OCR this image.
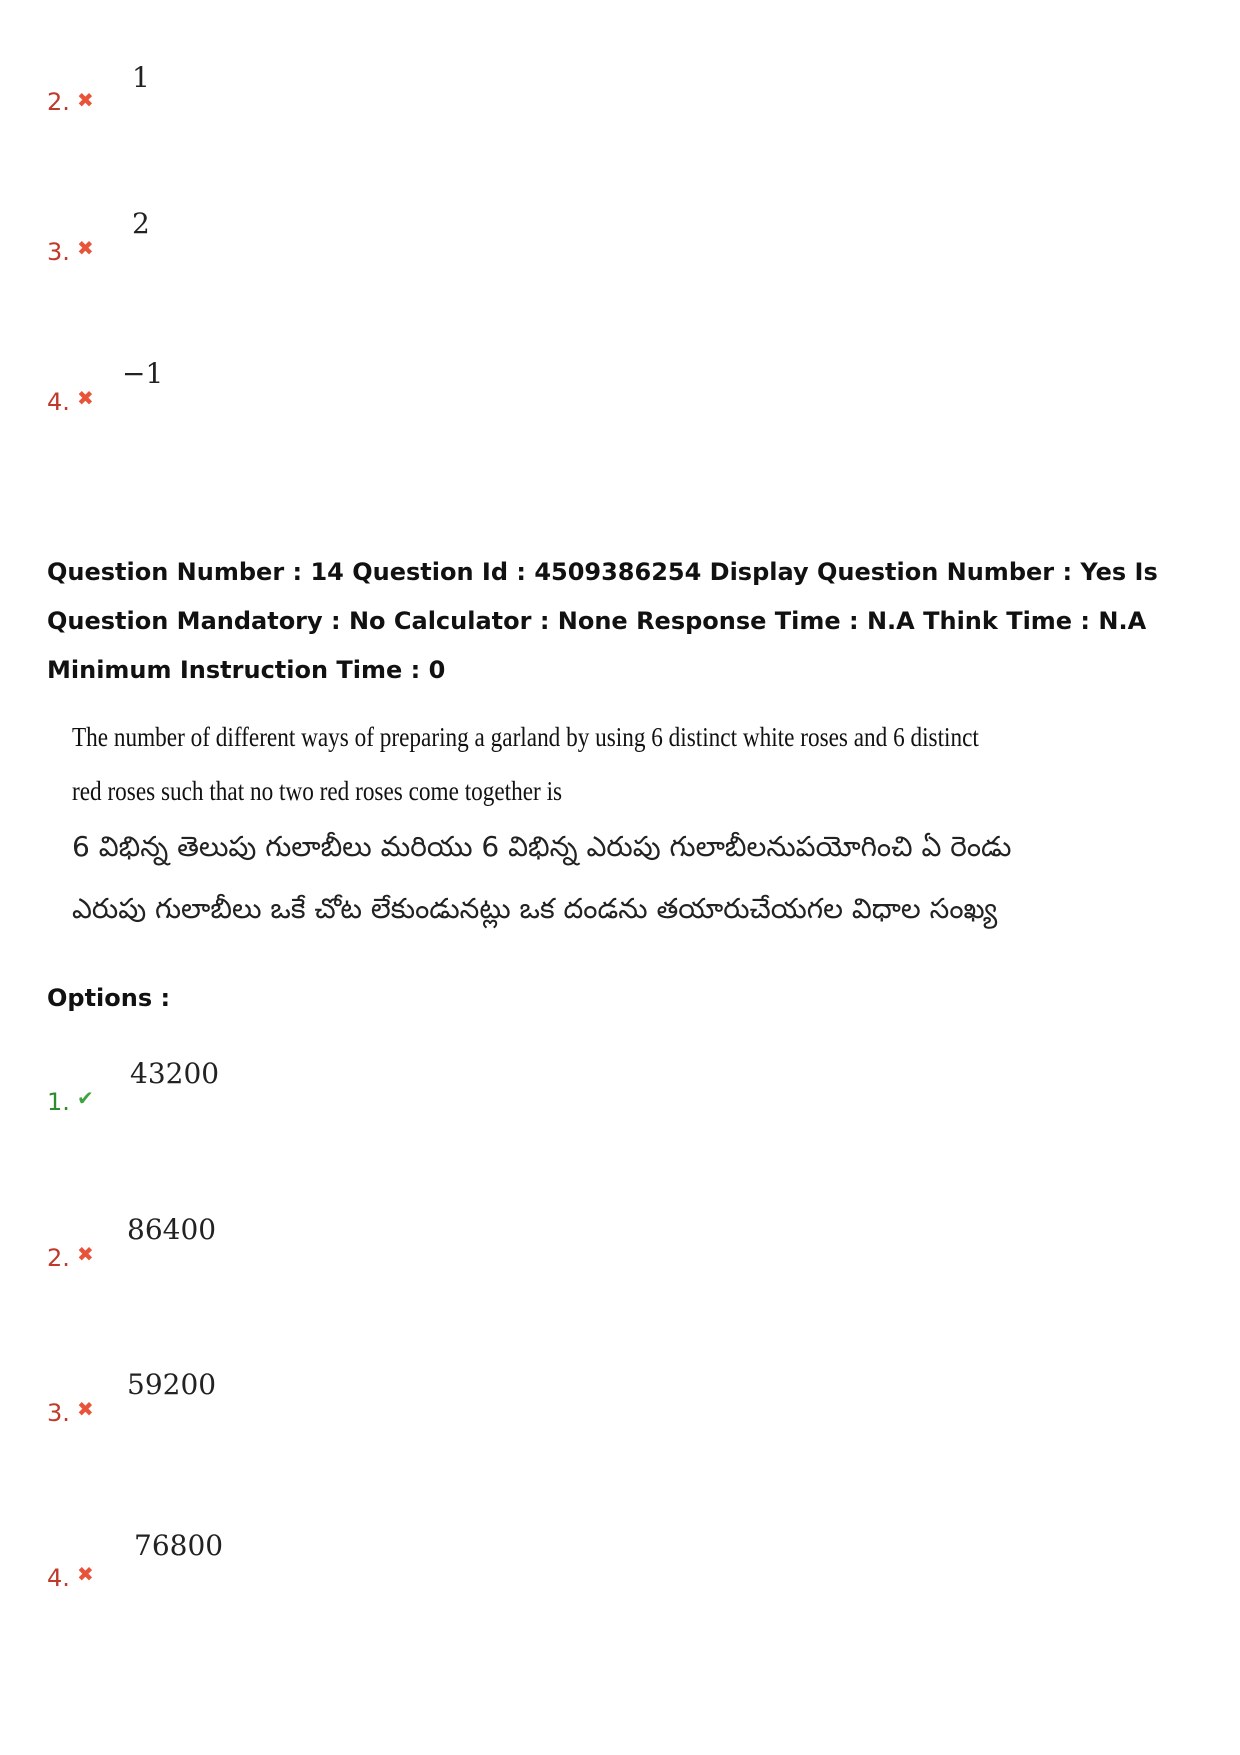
2. ✖
1
3. ✖
2
4. ✖
−1
Question Number : 14 Question Id : 4509386254 Display Question Number : Yes Is Question Mandatory : No Calculator : None Response Time : N.A Think Time : N.A Minimum Instruction Time : 0
The number of different ways of preparing a garland by using 6 distinct white roses and 6 distinct
red roses such that no two red roses come together is
6 విభిన్న తెలుపు గులాబీలు మరియు 6 విభిన్న ఎరుపు గులాబీలనుపయోగించి ఏ రెండు
ఎరుపు గులాబీలు ఒకే చోట లేకుండునట్లు ఒక దండను తయారుచేయగల విధాల సంఖ్య
Options :
1. ✔
43200
2. ✖
86400
3. ✖
59200
4. ✖
76800
